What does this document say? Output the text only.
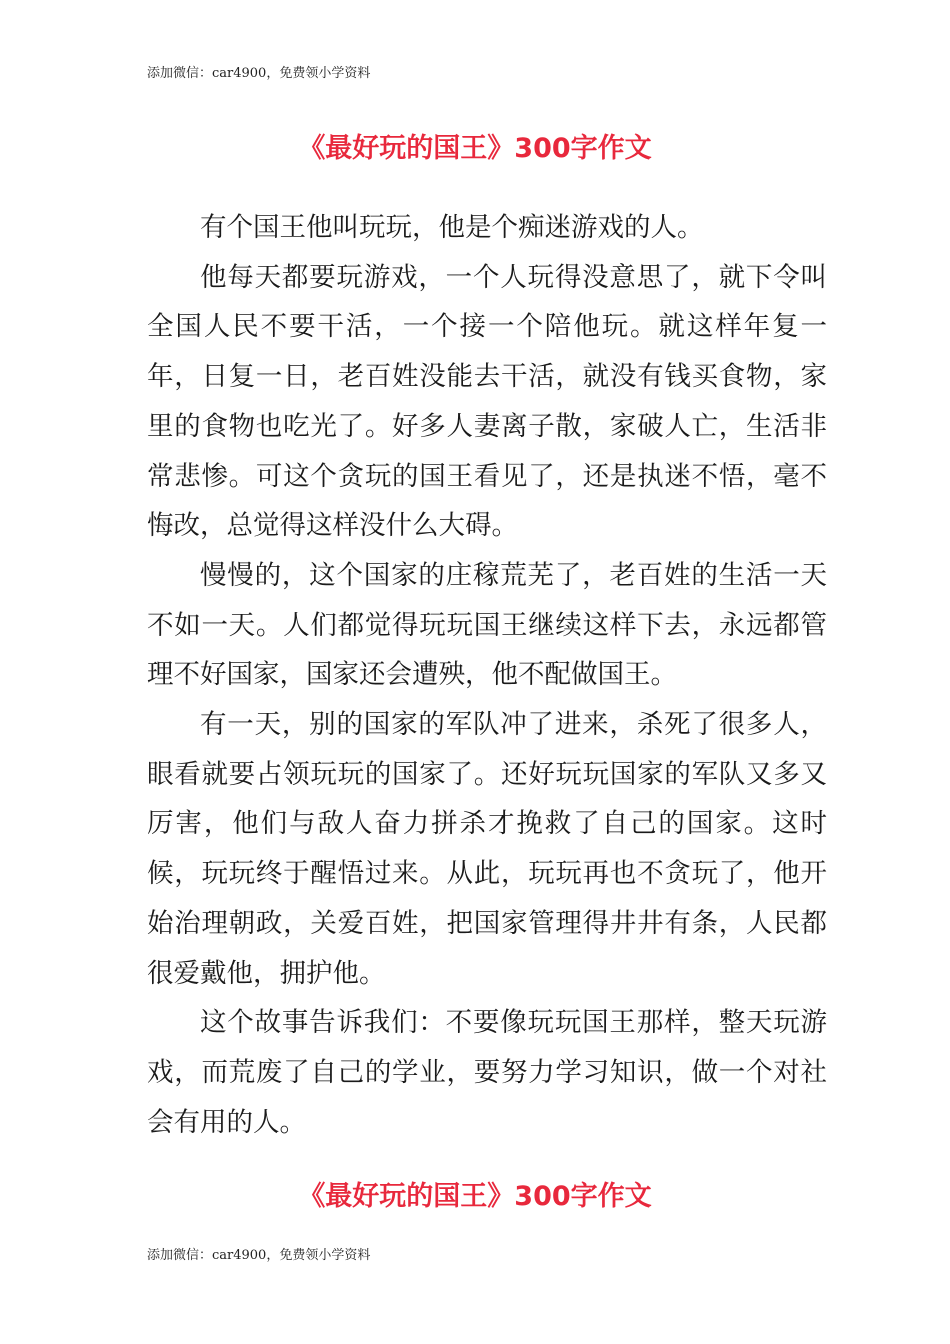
添加微信：car4900，免费领小学资料
《最好玩的国王》300字作文

有个国王他叫玩玩，他是个痴迷游戏的人。

他每天都要玩游戏，一个人玩得没意思了，就下令叫全国人民不要干活，一个接一个陪他玩。就这样年复一年，日复一日，老百姓没能去干活，就没有钱买食物，家里的食物也吃光了。好多人妻离子散，家破人亡，生活非常悲惨。可这个贪玩的国王看见了，还是执迷不悟，毫不悔改，总觉得这样没什么大碍。

慢慢的，这个国家的庄稼荒芜了，老百姓的生活一天不如一天。人们都觉得玩玩国王继续这样下去，永远都管理不好国家，国家还会遭殃，他不配做国王。

有一天，别的国家的军队冲了进来，杀死了很多人，眼看就要占领玩玩的国家了。还好玩玩国家的军队又多又厉害，他们与敌人奋力拼杀才挽救了自己的国家。这时候，玩玩终于醒悟过来。从此，玩玩再也不贪玩了，他开始治理朝政，关爱百姓，把国家管理得井井有条，人民都很爱戴他，拥护他。

这个故事告诉我们：不要像玩玩国王那样，整天玩游戏，而荒废了自己的学业，要努力学习知识，做一个对社会有用的人。

《最好玩的国王》300字作文
添加微信：car4900，免费领小学资料
